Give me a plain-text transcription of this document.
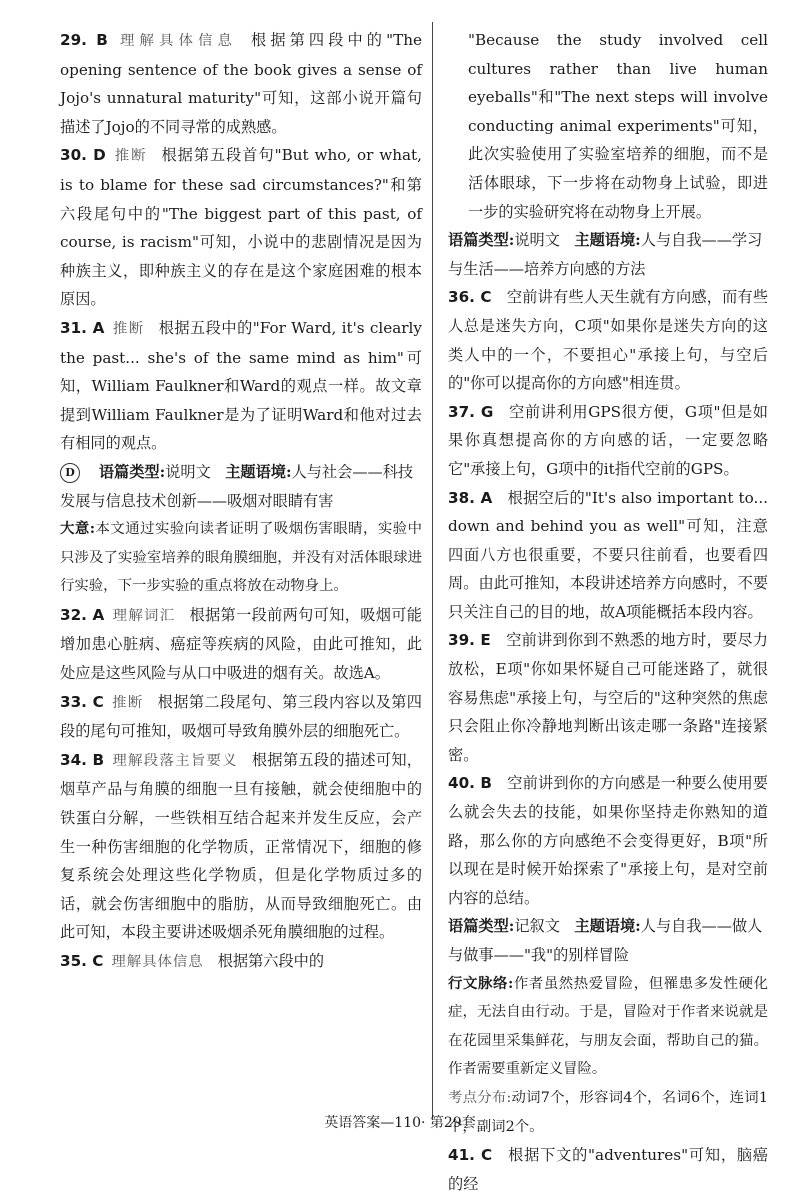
29. B 理解具体信息 根据第四段中的"The opening sentence of the book gives a sense of Jojo's unnatural maturity"可知，这部小说开篇句描述了Jojo的不同寻常的成熟感。

30. D 推断 根据第五段首句"But who, or what, is to blame for these sad circumstances?"和第六段尾句中的"The biggest part of this past, of course, is racism"可知，小说中的悲剧情况是因为种族主义，即种族主义的存在是这个家庭困难的根本原因。

31. A 推断 根据五段中的"For Ward, it's clearly the past... she's of the same mind as him"可知，William Faulkner和Ward的观点一样。故文章提到William Faulkner是为了证明Ward和他对过去有相同的观点。

D 语篇类型:说明文 主题语境:人与社会——科技发展与信息技术创新——吸烟对眼睛有害

大意:本文通过实验向读者证明了吸烟伤害眼睛，实验中只涉及了实验室培养的眼角膜细胞，并没有对活体眼球进行实验，下一步实验的重点将放在动物身上。

32. A 理解词汇 根据第一段前两句可知，吸烟可能增加患心脏病、癌症等疾病的风险，由此可推知，此处应是这些风险与从口中吸进的烟有关。故选A。

33. C 推断 根据第二段尾句、第三段内容以及第四段的尾句可推知，吸烟可导致角膜外层的细胞死亡。

34. B 理解段落主旨要义 根据第五段的描述可知，烟草产品与角膜的细胞一旦有接触，就会使细胞中的铁蛋白分解，一些铁相互结合起来并发生反应，会产生一种伤害细胞的化学物质，正常情况下，细胞的修复系统会处理这些化学物质，但是化学物质过多的话，就会伤害细胞中的脂肪，从而导致细胞死亡。由此可知，本段主要讲述吸烟杀死角膜细胞的过程。

35. C 理解具体信息 根据第六段中的

"Because the study involved cell cultures rather than live human eyeballs"和"The next steps will involve conducting animal experiments"可知，此次实验使用了实验室培养的细胞，而不是活体眼球，下一步将在动物身上试验，即进一步的实验研究将在动物身上开展。

语篇类型:说明文 主题语境:人与自我——学习与生活——培养方向感的方法

36. C  空前讲有些人天生就有方向感，而有些人总是迷失方向，C项"如果你是迷失方向的这类人中的一个，不要担心"承接上句，与空后的"你可以提高你的方向感"相连贯。

37. G  空前讲利用GPS很方便，G项"但是如果你真想提高你的方向感的话，一定要忽略它"承接上句，G项中的it指代空前的GPS。

38. A  根据空后的"It's also important to... down and behind you as well"可知，注意四面八方也很重要，不要只往前看，也要看四周。由此可推知，本段讲述培养方向感时，不要只关注自己的目的地，故A项能概括本段内容。

39. E  空前讲到你到不熟悉的地方时，要尽力放松，E项"你如果怀疑自己可能迷路了，就很容易焦虑"承接上句，与空后的"这种突然的焦虑只会阻止你冷静地判断出该走哪一条路"连接紧密。

40. B  空前讲到你的方向感是一种要么使用要么就会失去的技能，如果你坚持走你熟知的道路，那么你的方向感绝不会变得更好，B项"所以现在是时候开始探索了"承接上句，是对空前内容的总结。

语篇类型:记叙文 主题语境:人与自我——做人与做事——"我"的别样冒险

行文脉络:作者虽然热爱冒险，但罹患多发性硬化症，无法自由行动。于是，冒险对于作者来说就是在花园里采集鲜花，与朋友会面，帮助自己的猫。作者需要重新定义冒险。

考点分布:动词7个，形容词4个，名词6个，连词1个，副词2个。

41. C  根据下文的"adventures"可知，脑癌的经

英语答案—110· 第29套
